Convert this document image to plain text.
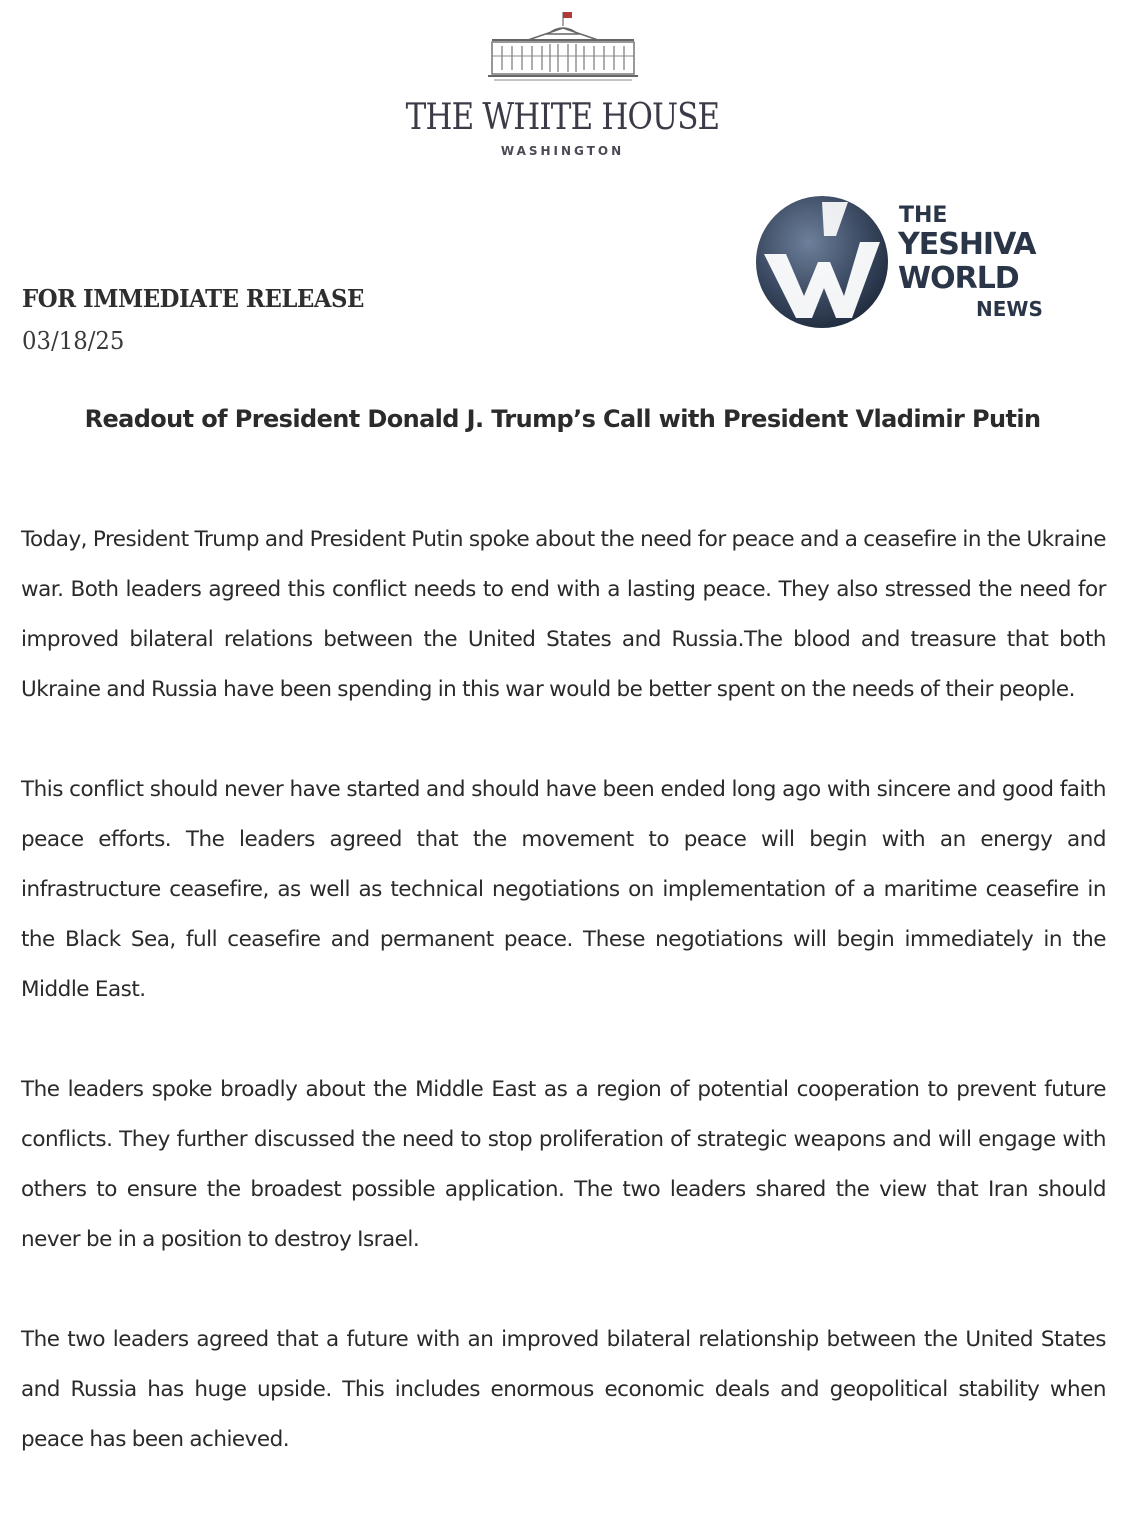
THE WHITE HOUSE
WASHINGTON
THE
YESHIVA
WORLD
NEWS
FOR IMMEDIATE RELEASE
03/18/25
Readout of President Donald J. Trump’s Call with President Vladimir Putin

Today, President Trump and President Putin spoke about the need for peace and a ceasefire in the Ukraine war. Both leaders agreed this conflict needs to end with a lasting peace. They also stressed the need for improved bilateral relations between the United States and Russia.The blood and treasure that both Ukraine and Russia have been spending in this war would be better spent on the needs of their people.

This conflict should never have started and should have been ended long ago with sincere and good faith peace efforts. The leaders agreed that the movement to peace will begin with an energy and infrastructure ceasefire, as well as technical negotiations on implementation of a maritime ceasefire in the Black Sea, full ceasefire and permanent peace. These negotiations will begin immediately in the Middle East.

The leaders spoke broadly about the Middle East as a region of potential cooperation to prevent future conflicts. They further discussed the need to stop proliferation of strategic weapons and will engage with others to ensure the broadest possible application. The two leaders shared the view that Iran should never be in a position to destroy Israel.

The two leaders agreed that a future with an improved bilateral relationship between the United States and Russia has huge upside. This includes enormous economic deals and geopolitical stability when peace has been achieved.
